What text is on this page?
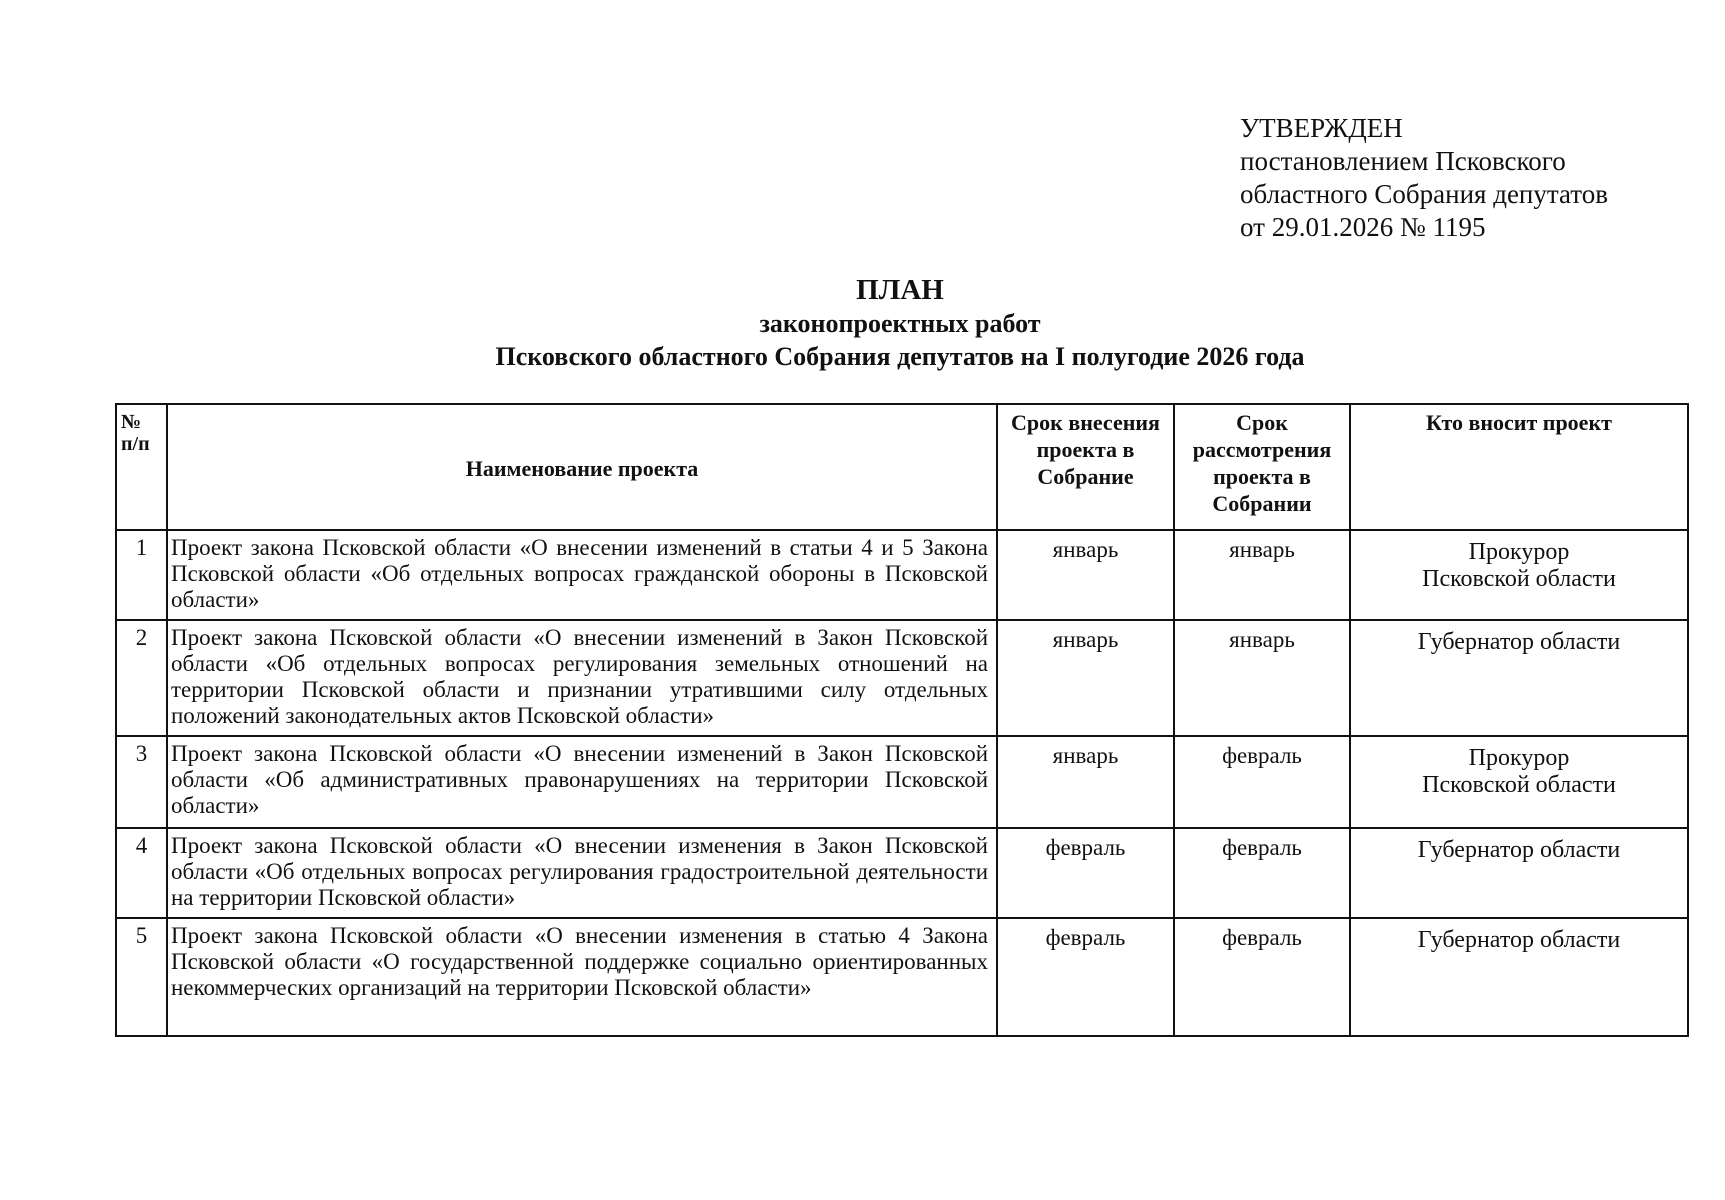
УТВЕРЖДЕН
постановлением Псковского
областного Собрания депутатов
от 29.01.2026 № 1195
ПЛАН
законопроектных работ
Псковского областного Собрания депутатов на I полугодие 2026 года
№ п/п	Наименование проекта	Срок внесения проекта в Собрание	Срок рассмотрения проекта в Собрании	Кто вносит проект
1	Проект закона Псковской области «О внесении изменений в статьи 4 и 5 Закона Псковской области «Об отдельных вопросах гражданской обороны в Псковской области»	январь	январь	Прокурор
Псковской области

2	Проект закона Псковской области «О внесении изменений в Закон Псковской области «Об отдельных вопросах регулирования земельных отношений на территории Псковской области и признании утратившими силу отдельных положений законодательных актов Псковской области»	январь	январь	Губернатор области

3	Проект закона Псковской области «О внесении изменений в Закон Псковской области «Об административных правонарушениях на территории Псковской области»	январь	февраль	Прокурор
Псковской области

4	Проект закона Псковской области «О внесении изменения в Закон Псковской области «Об отдельных вопросах регулирования градостроительной деятельности на территории Псковской области»	февраль	февраль	Губернатор области

5	Проект закона Псковской области «О внесении изменения в статью 4 Закона Псковской области «О государственной поддержке социально ориентированных некоммерческих организаций на территории Псковской области»	февраль	февраль	Губернатор области
